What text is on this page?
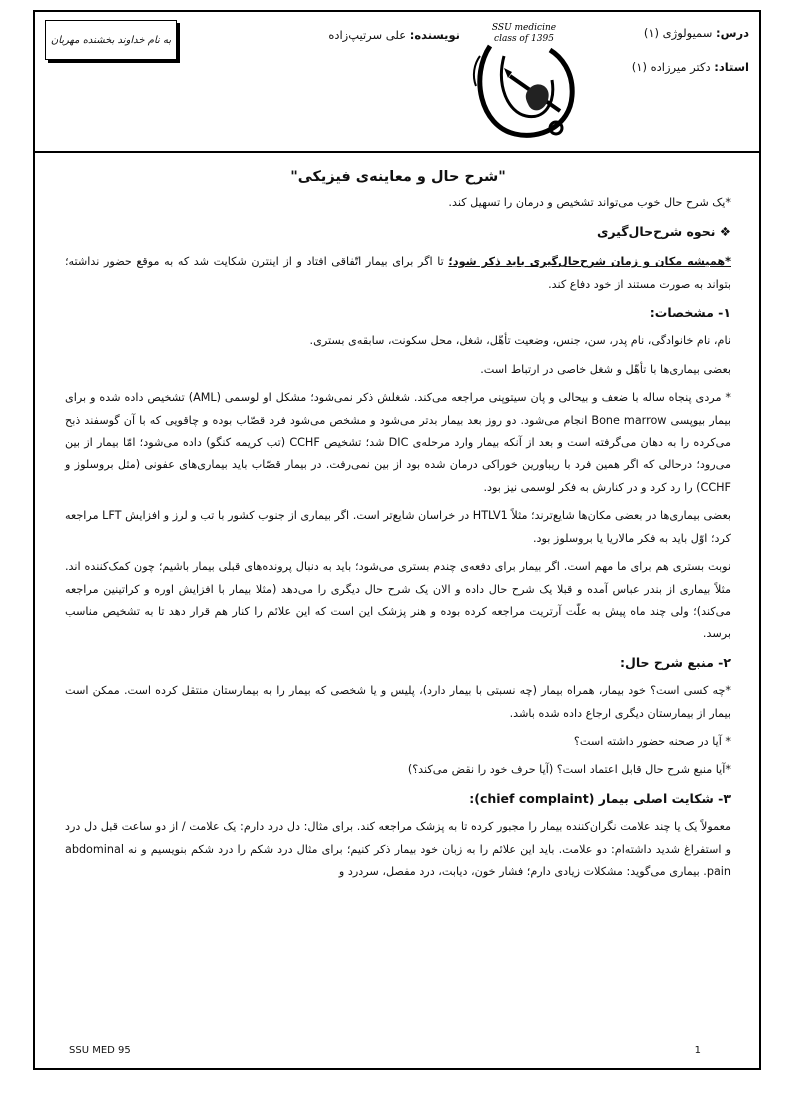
درس: سمیولوژی (۱)
استاد: دکتر میرزاده (۱)
SSU medicine
class of 1395
نویسنده: علی سرتیپ‌زاده
به نام خداوند بخشنده مهربان
"شرح حال و معاینه‌ی فیزیکی"

*یک شرح حال خوب می‌تواند تشخیص و درمان را تسهیل کند.

❖ نحوه شرح‌حال‌گیری

*همیشه مکان و زمان شرح‌حال‌گیری باید ذکر شود؛ تا اگر برای بیمار اتّفاقی افتاد و از اینترن شکایت شد که به موقع حضور نداشته؛ بتواند به صورت مستند از خود دفاع کند.

۱- مشخصات:

نام، نام خانوادگی، نام پدر، سن، جنس، وضعیت تأهّل، شغل، محل سکونت، سابقه‌ی بستری.

بعضی بیماری‌ها با تأهّل و شغل خاصی در ارتباط است.

* مردی پنجاه ساله با ضعف و بیحالی و پان سیتوپنی مراجعه می‌کند. شغلش ذکر نمی‌شود؛ مشکل او لوسمی (AML) تشخیص داده شده و برای بیمار بیوپسی Bone marrow انجام می‌شود. دو روز بعد بیمار بدتر می‌شود و مشخص می‌شود فرد قصّاب بوده و چاقویی که با آن گوسفند ذبح می‌کرده را به دهان می‌گرفته است و بعد از آنکه بیمار وارد مرحله‌ی DIC شد؛ تشخیص CCHF (تب کریمه کنگو) داده می‌شود؛ امّا بیمار از بین می‌رود؛ درحالی که اگر همین فرد با ریباورین خوراکی درمان شده بود از بین نمی‌رفت. در بیمار قصّاب باید بیماری‌های عفونی (مثل بروسلوز و CCHF) را رد کرد و در کنارش به فکر لوسمی نیز بود.

بعضی بیماری‌ها در بعضی مکان‌ها شایع‌ترند؛ مثلاً HTLV1 در خراسان شایع‌تر است. اگر بیماری از جنوب کشور با تب و لرز و افزایش LFT مراجعه کرد؛ اوّل باید به فکر مالاریا یا بروسلوز بود.

نوبت بستری هم برای ما مهم است. اگر بیمار برای دفعه‌ی چندم بستری می‌شود؛ باید به دنبال پرونده‌های قبلی بیمار باشیم؛ چون کمک‌کننده اند. مثلاً بیماری از بندر عباس آمده و قبلا یک شرح حال داده و الان یک شرح حال دیگری را می‌دهد (مثلا بیمار با افزایش اوره و کراتینین مراجعه می‌کند)؛ ولی چند ماه پیش به علّت آرتریت مراجعه کرده بوده و هنر پزشک این است که این علائم را کنار هم قرار دهد تا به تشخیص مناسب برسد.

۲- منبع شرح حال:

*چه کسی است؟ خود بیمار، همراه بیمار (چه نسبتی با بیمار دارد)، پلیس و یا شخصی که بیمار را به بیمارستان منتقل کرده است. ممکن است بیمار از بیمارستان دیگری ارجاع داده شده باشد.

* آیا در صحنه حضور داشته است؟

*آیا منبع شرح حال قابل اعتماد است؟ (آیا حرف خود را نقض می‌کند؟)

۳- شکایت اصلی بیمار (chief complaint):

معمولاً یک یا چند علامت نگران‌کننده بیمار را مجبور کرده تا به پزشک مراجعه کند. برای مثال: دل درد دارم: یک علامت / از دو ساعت قبل دل درد و استفراغ شدید داشته‌ام: دو علامت. باید این علائم را به زبان خود بیمار ذکر کنیم؛ برای مثال درد شکم را درد شکم بنویسیم و نه abdominal pain. بیماری می‌گوید: مشکلات زیادی دارم؛ فشار خون، دیابت، درد مفصل، سردرد و

SSU MED 95	1
